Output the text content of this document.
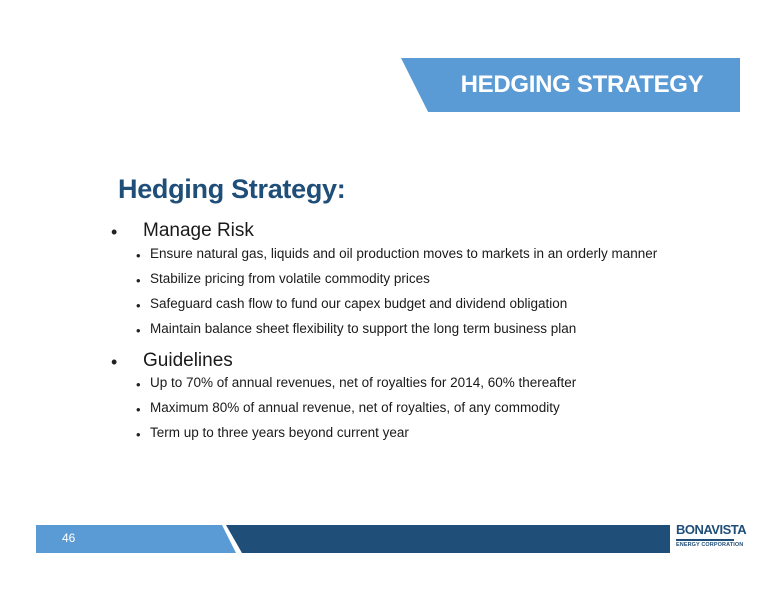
HEDGING STRATEGY
Hedging Strategy:
• Manage Risk
• Ensure natural gas, liquids and oil production moves to markets in an orderly manner
• Stabilize pricing from volatile commodity prices
• Safeguard cash flow to fund our capex budget and dividend obligation
• Maintain balance sheet flexibility to support the long term business plan
• Guidelines
• Up to 70% of annual revenues, net of royalties for 2014, 60% thereafter
• Maximum 80% of annual revenue, net of royalties, of any commodity
• Term up to three years beyond current year
46
BONAVISTA
ENERGY CORPORATION
